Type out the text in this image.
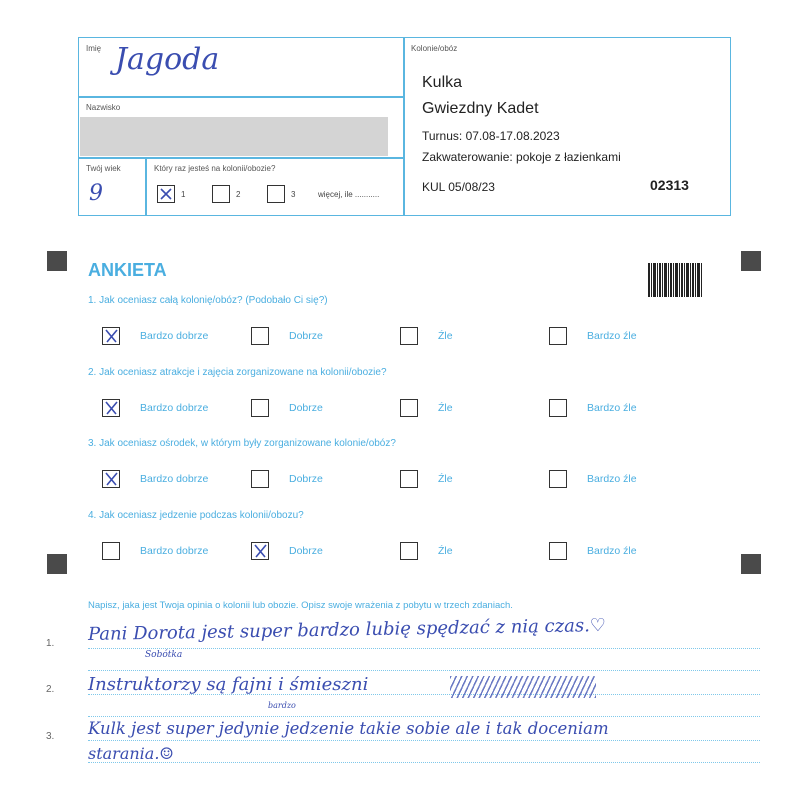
Imię Jagoda
Nazwisko
Twój wiek
9
Który raz jesteś na kolonii/obozie?
1	2	3	więcej, ile ...........
Kolonie/obóz
Kulka
Gwiezdny Kadet
Turnus: 07.08-17.08.2023
Zakwaterowanie: pokoje z łazienkami
KUL 05/08/23	02313
ANKIETA
1. Jak oceniasz całą kolonię/obóz? (Podobało Ci się?)
Bardzo dobrze	Dobrze	Źle	Bardzo źle
2. Jak oceniasz atrakcje i zajęcia zorganizowane na kolonii/obozie?
Bardzo dobrze	Dobrze	Źle	Bardzo źle
3. Jak oceniasz ośrodek, w którym były zorganizowane kolonie/obóz?
Bardzo dobrze	Dobrze	Źle	Bardzo źle
4. Jak oceniasz jedzenie podczas kolonii/obozu?
Bardzo dobrze	Dobrze	Źle	Bardzo źle
Napisz, jaka jest Twoja opinia o kolonii lub obozie. Opisz swoje wrażenia z pobytu w trzech zdaniach.
1.
2.
3.
Pani Dorota jest super bardzo lubię spędzać z nią czas.♡
Sobótka
Instruktorzy są fajni i śmieszni
bardzo
Kulk jest super jedynie jedzenie takie sobie ale i tak doceniam
starania.☺
